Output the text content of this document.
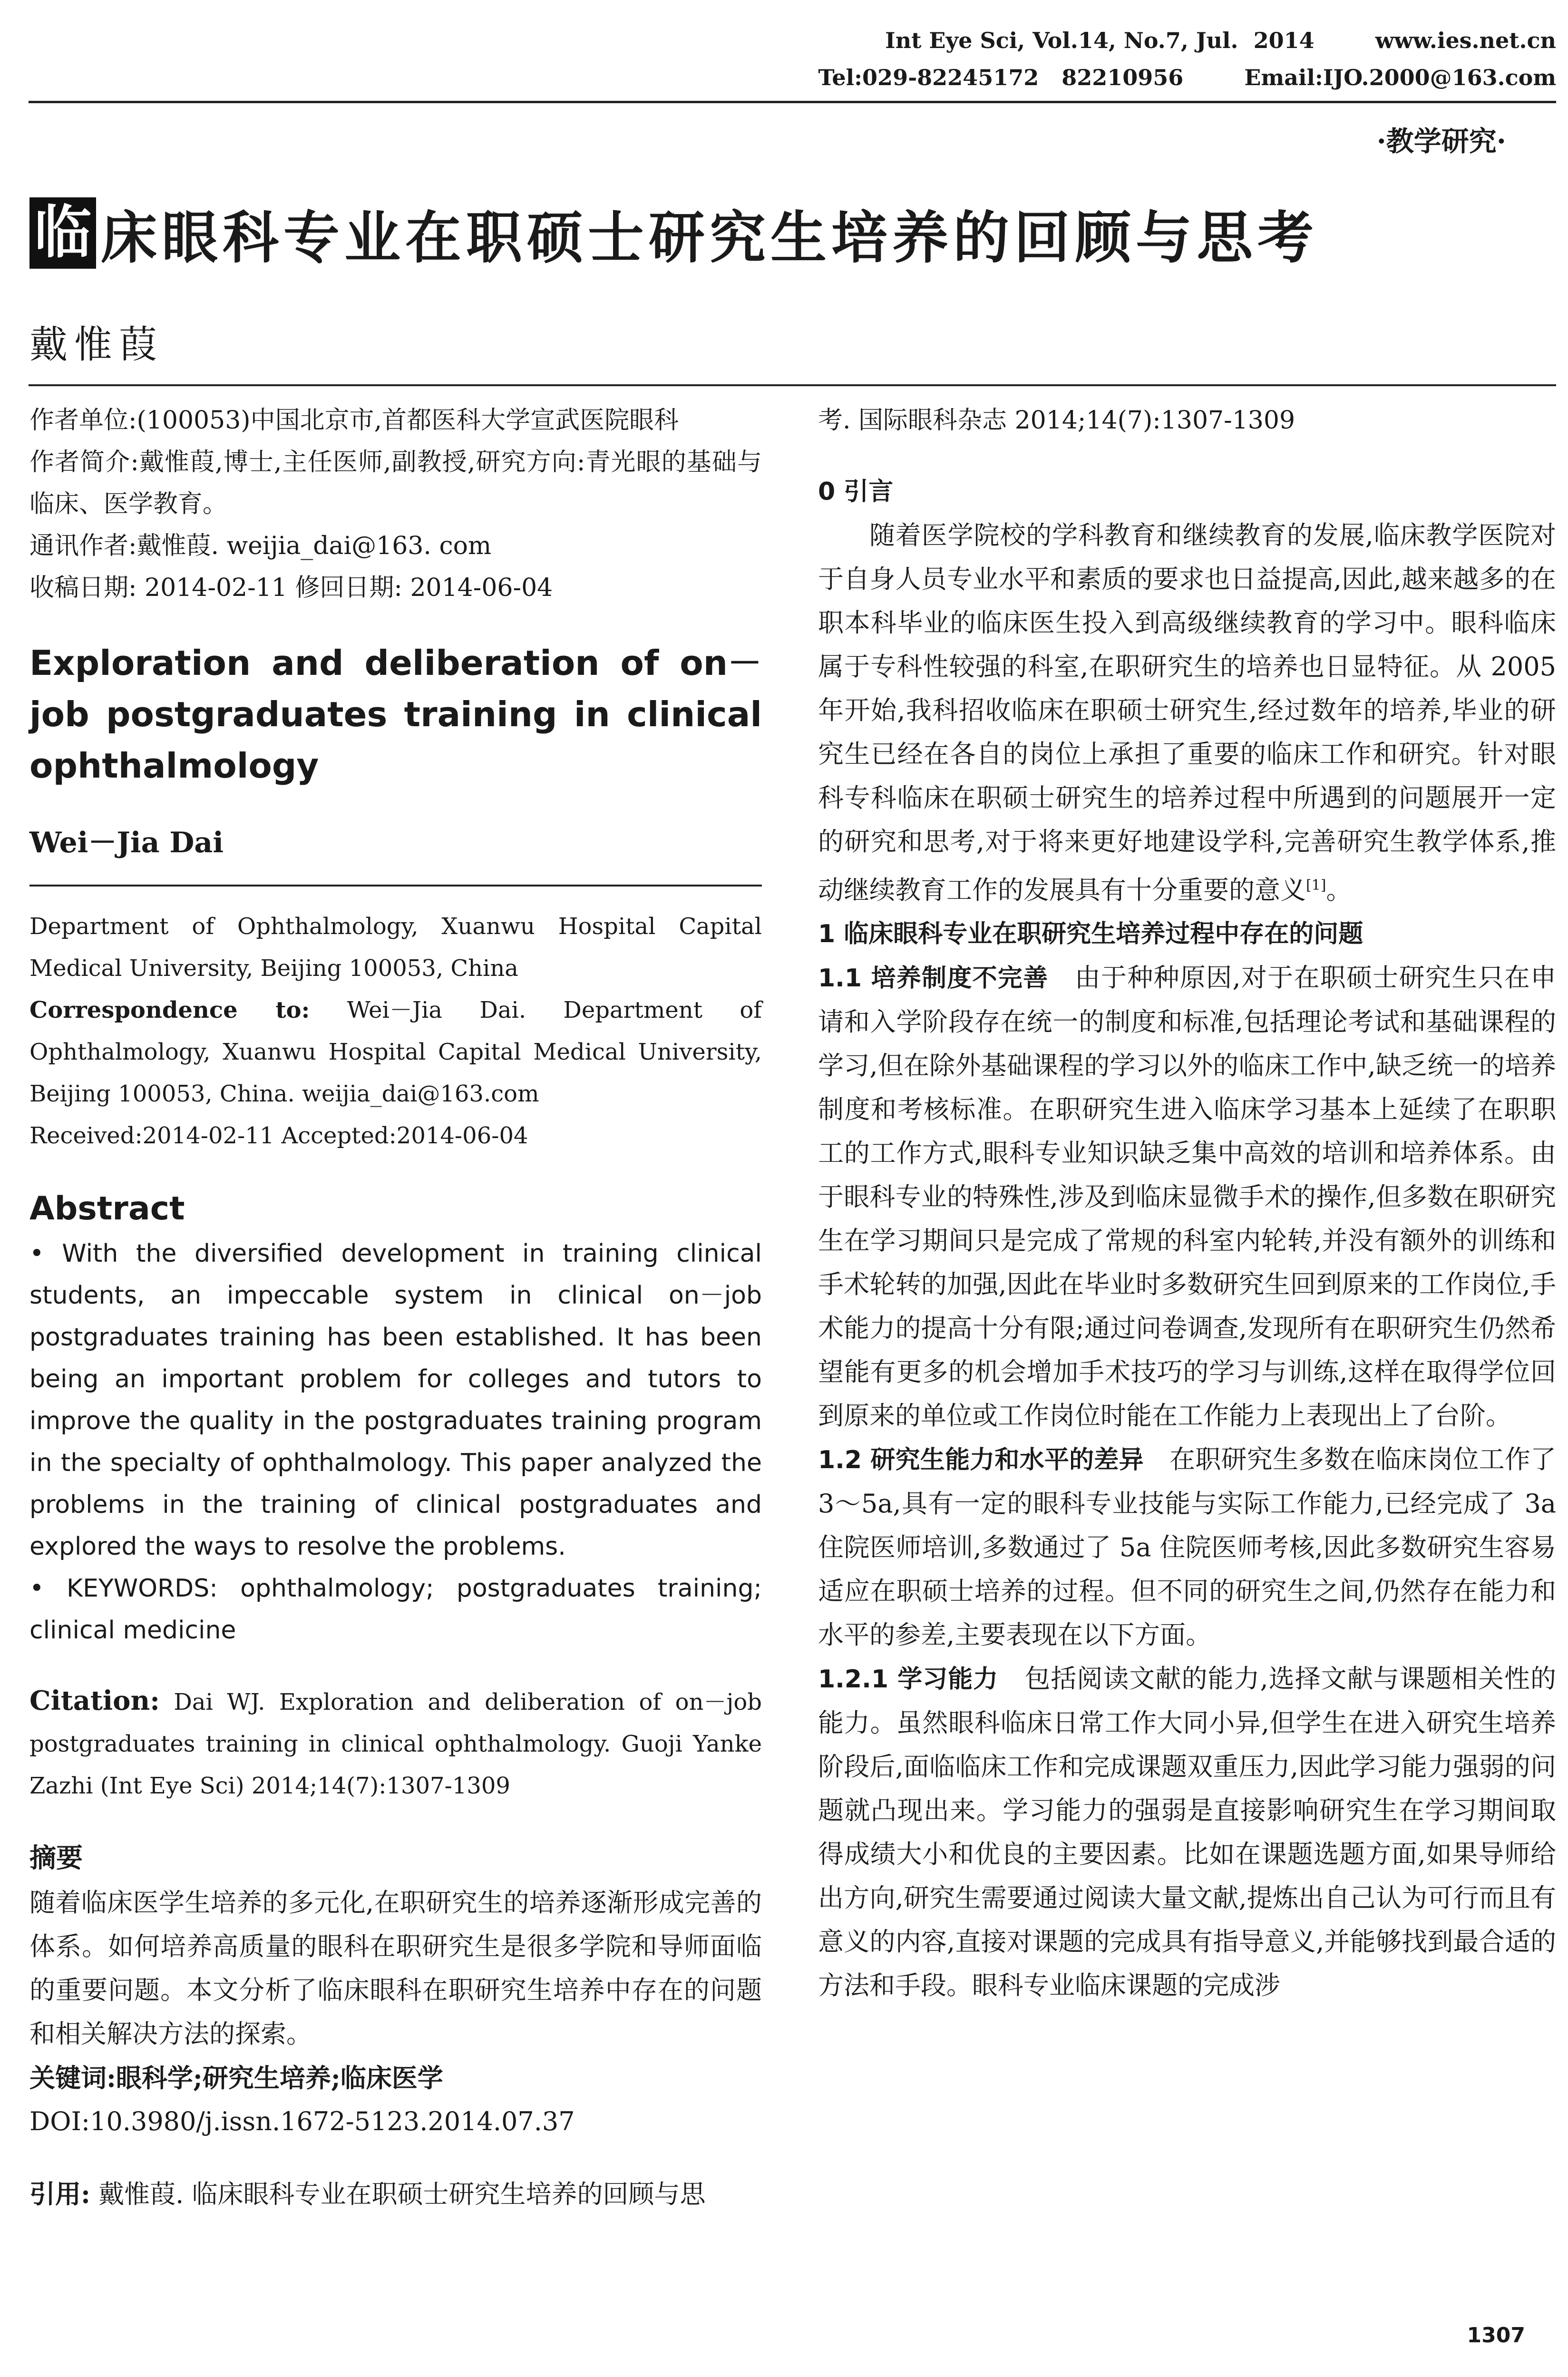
Int Eye Sci, Vol.14, No.7, Jul.  2014        www.ies.net.cn
Tel:029-82245172   82210956        Email:IJO.2000@163.com
·教学研究·
临 床眼科专业在职硕士研究生培养的回顾与思考
戴惟葭
作者单位:(100053)中国北京市,首都医科大学宣武医院眼科
作者简介:戴惟葭,博士,主任医师,副教授,研究方向:青光眼的基础与临床、医学教育。
通讯作者:戴惟葭. weijia_dai@163. com
收稿日期: 2014-02-11 修回日期: 2014-06-04
Exploration and deliberation of on－job postgraduates training in clinical ophthalmology
Wei－Jia Dai
Department of Ophthalmology, Xuanwu Hospital Capital Medical University, Beijing 100053, China
Correspondence to: Wei－Jia Dai. Department of Ophthalmology, Xuanwu Hospital Capital Medical University, Beijing 100053, China. weijia_dai@163.com
Received:2014-02-11 Accepted:2014-06-04
Abstract
• With the diversified development in training clinical students, an impeccable system in clinical on－job postgraduates training has been established. It has been being an important problem for colleges and tutors to improve the quality in the postgraduates training program in the specialty of ophthalmology. This paper analyzed the problems in the training of clinical postgraduates and explored the ways to resolve the problems.
• KEYWORDS: ophthalmology; postgraduates training; clinical medicine
Citation: Dai WJ. Exploration and deliberation of on－job postgraduates training in clinical ophthalmology. Guoji Yanke Zazhi (Int Eye Sci) 2014;14(7):1307-1309
摘要
随着临床医学生培养的多元化,在职研究生的培养逐渐形成完善的体系。如何培养高质量的眼科在职研究生是很多学院和导师面临的重要问题。本文分析了临床眼科在职研究生培养中存在的问题和相关解决方法的探索。
关键词:眼科学;研究生培养;临床医学
DOI:10.3980/j.issn.1672-5123.2014.07.37
引用: 戴惟葭. 临床眼科专业在职硕士研究生培养的回顾与思
考. 国际眼科杂志 2014;14(7):1307-1309
0 引言
随着医学院校的学科教育和继续教育的发展,临床教学医院对于自身人员专业水平和素质的要求也日益提高,因此,越来越多的在职本科毕业的临床医生投入到高级继续教育的学习中。眼科临床属于专科性较强的科室,在职研究生的培养也日显特征。从 2005 年开始,我科招收临床在职硕士研究生,经过数年的培养,毕业的研究生已经在各自的岗位上承担了重要的临床工作和研究。针对眼科专科临床在职硕士研究生的培养过程中所遇到的问题展开一定的研究和思考,对于将来更好地建设学科,完善研究生教学体系,推动继续教育工作的发展具有十分重要的意义[1]。
1 临床眼科专业在职研究生培养过程中存在的问题
1.1 培养制度不完善　 由于种种原因,对于在职硕士研究生只在申请和入学阶段存在统一的制度和标准,包括理论考试和基础课程的学习,但在除外基础课程的学习以外的临床工作中,缺乏统一的培养制度和考核标准。在职研究生进入临床学习基本上延续了在职职工的工作方式,眼科专业知识缺乏集中高效的培训和培养体系。由于眼科专业的特殊性,涉及到临床显微手术的操作,但多数在职研究生在学习期间只是完成了常规的科室内轮转,并没有额外的训练和手术轮转的加强,因此在毕业时多数研究生回到原来的工作岗位,手术能力的提高十分有限;通过问卷调查,发现所有在职研究生仍然希望能有更多的机会增加手术技巧的学习与训练,这样在取得学位回到原来的单位或工作岗位时能在工作能力上表现出上了台阶。
1.2 研究生能力和水平的差异　 在职研究生多数在临床岗位工作了 3～5a,具有一定的眼科专业技能与实际工作能力,已经完成了 3a 住院医师培训,多数通过了 5a 住院医师考核,因此多数研究生容易适应在职硕士培养的过程。但不同的研究生之间,仍然存在能力和水平的参差,主要表现在以下方面。
1.2.1 学习能力　 包括阅读文献的能力,选择文献与课题相关性的能力。虽然眼科临床日常工作大同小异,但学生在进入研究生培养阶段后,面临临床工作和完成课题双重压力,因此学习能力强弱的问题就凸现出来。学习能力的强弱是直接影响研究生在学习期间取得成绩大小和优良的主要因素。比如在课题选题方面,如果导师给出方向,研究生需要通过阅读大量文献,提炼出自己认为可行而且有意义的内容,直接对课题的完成具有指导意义,并能够找到最合适的方法和手段。眼科专业临床课题的完成涉
1307
